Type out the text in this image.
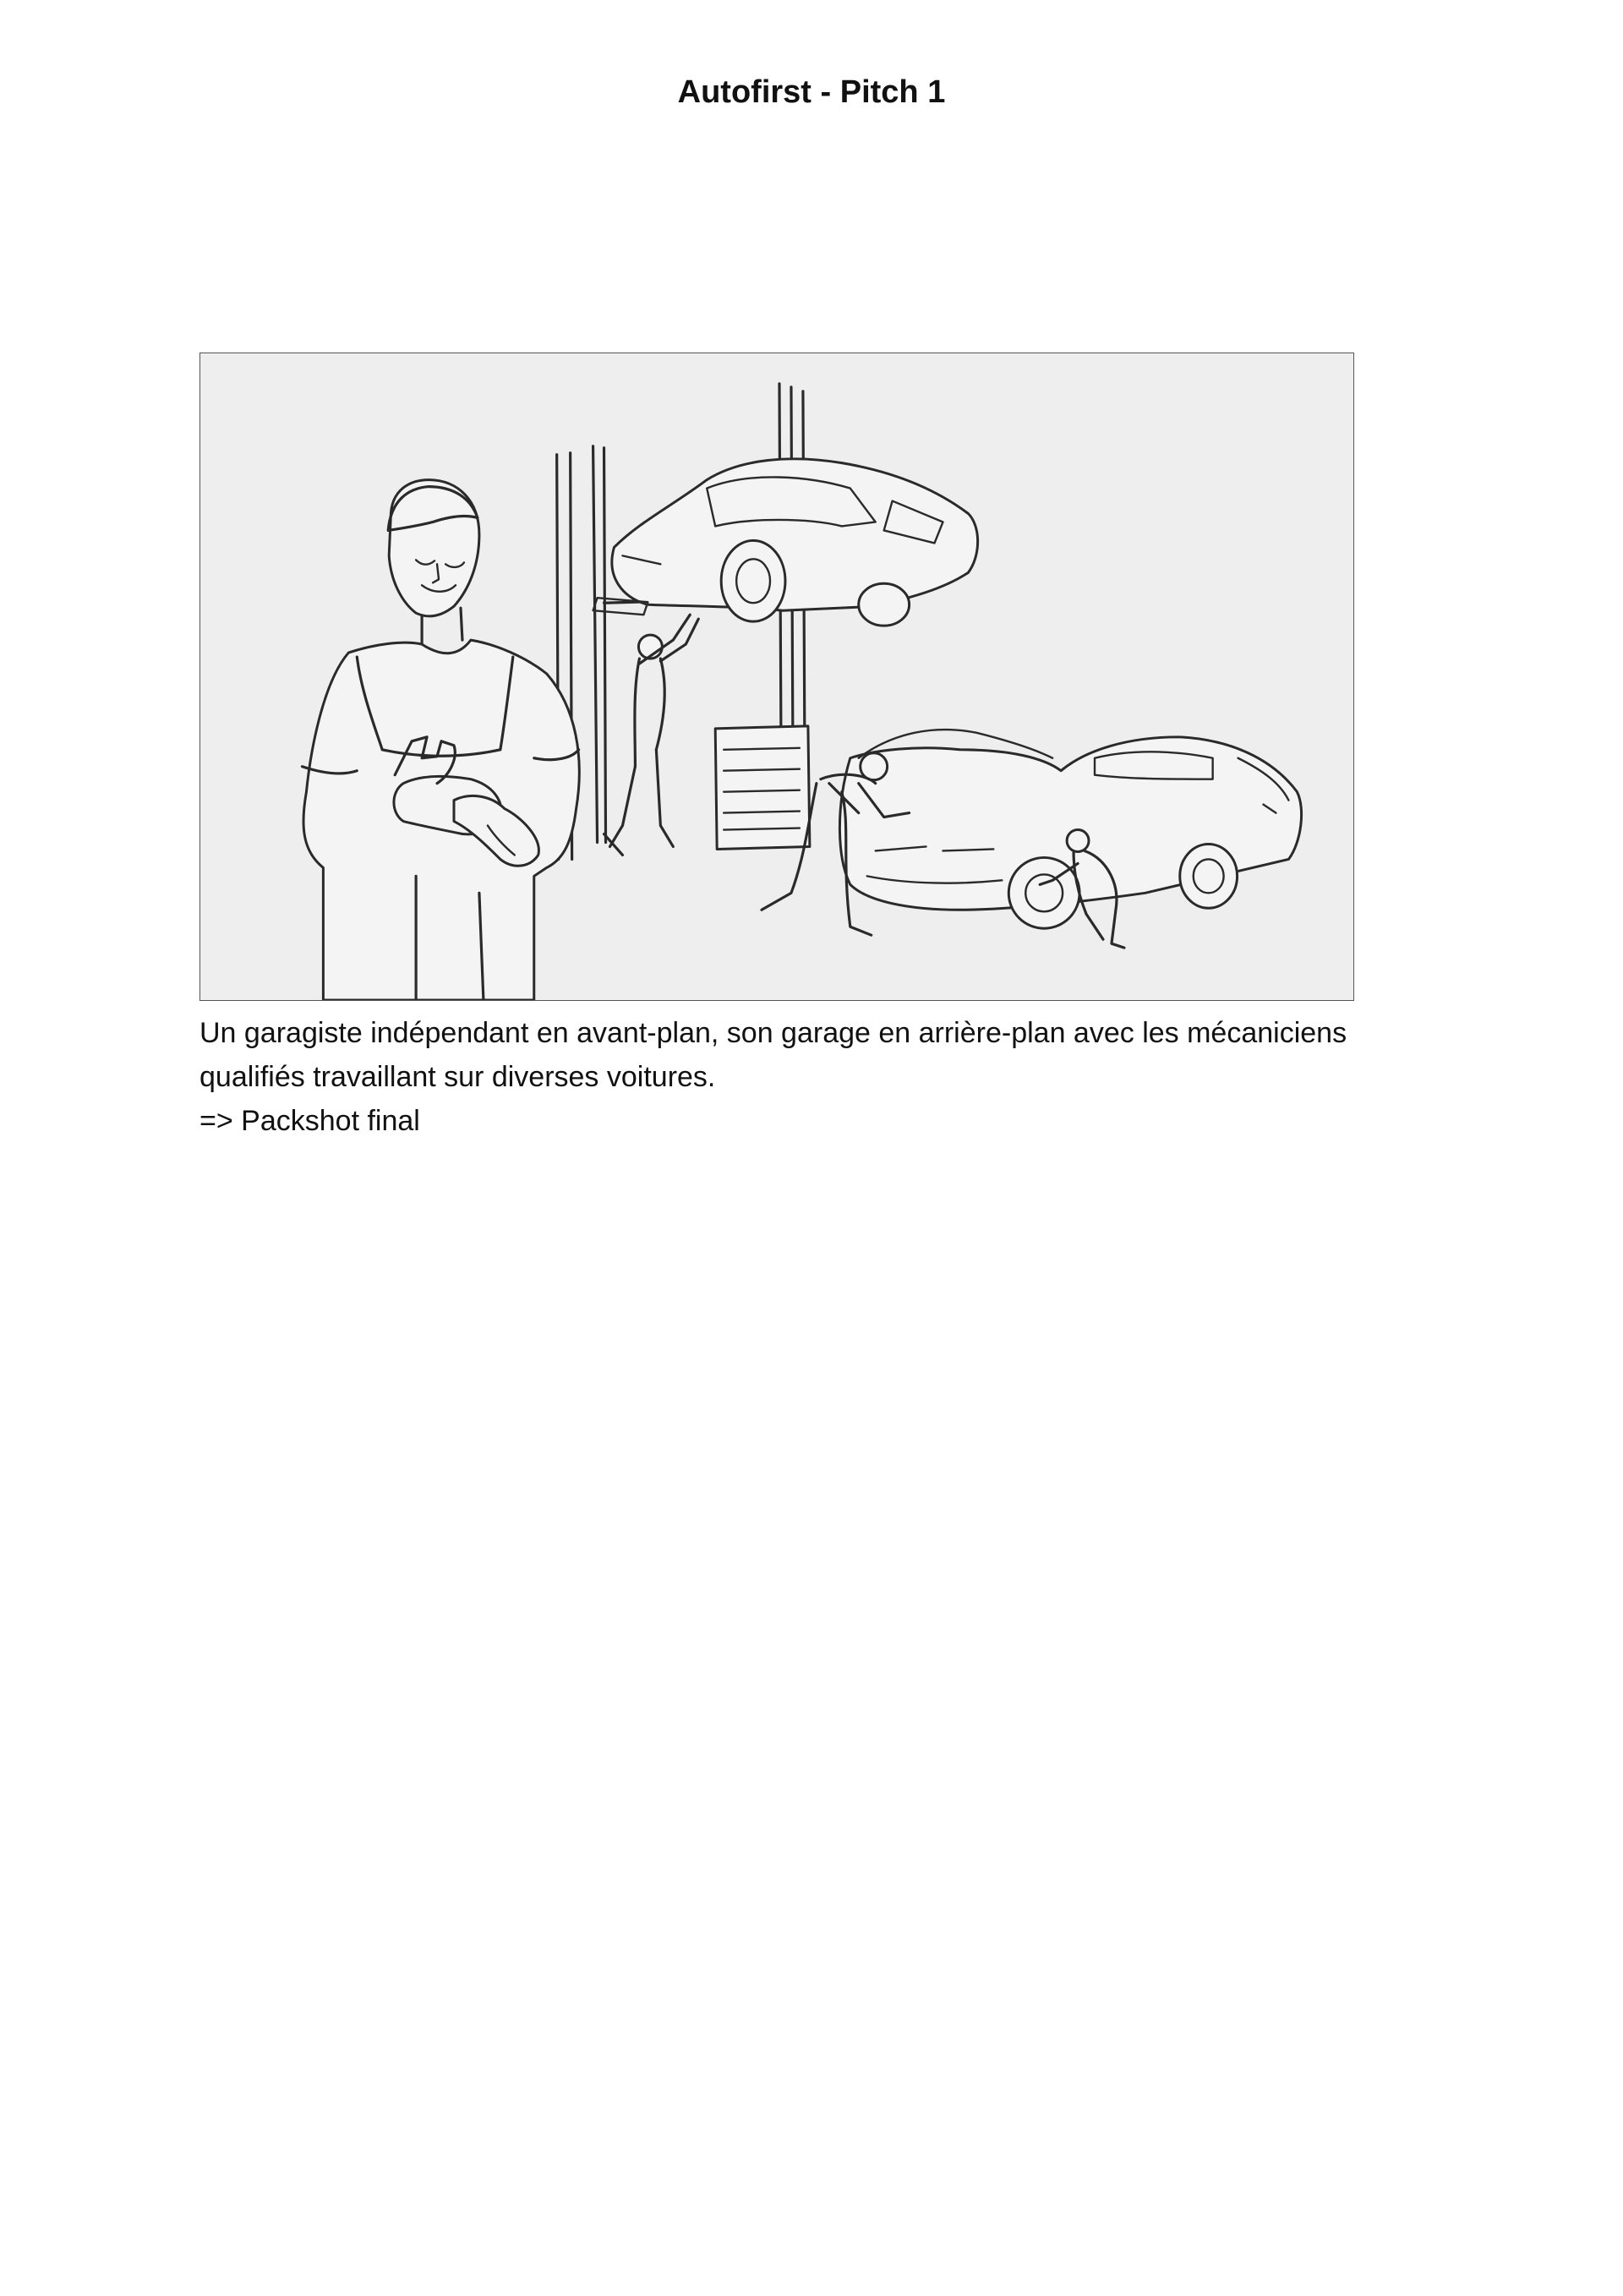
Autofirst - Pitch 1
Un garagiste indépendant en avant-plan, son garage en arrière-plan avec les mécaniciens
qualifiés travaillant sur diverses voitures.
=> Packshot final
